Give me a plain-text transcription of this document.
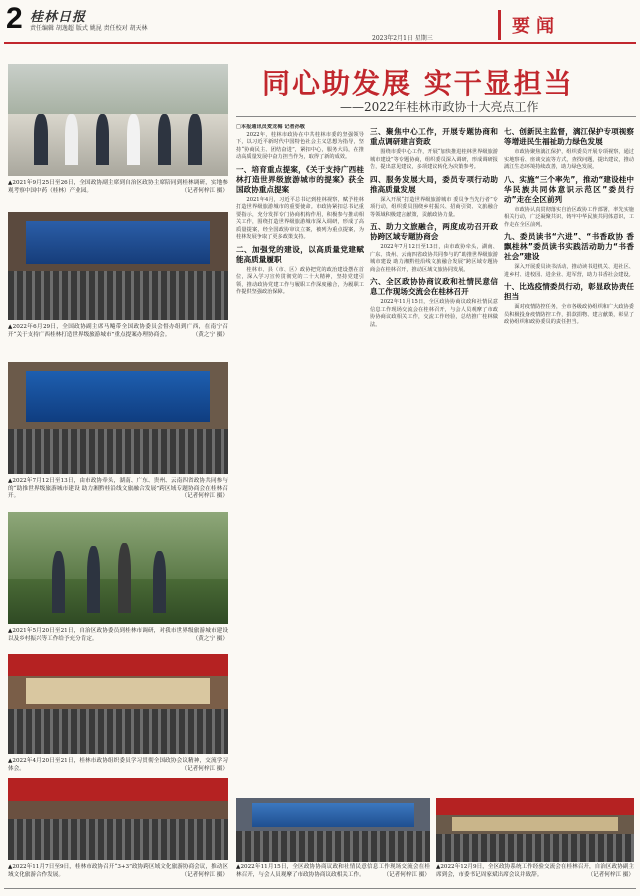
2 桂林日报
责任编辑 胡逸超 版式 姚昆 责任校对 胡天林
2023年2月1日 星期三
要闻
▲2021年9月25日至26日，全国政协副主席到自治区政协主席陪同到桂林调研，实地参观考察中国中药（桂林）产业园。	（记者何梓江 摄）
▲2022年6月29日，全国政协副主席马飚带全国政协委员会督办组到广西，在南宁召开“关于支持广西桂林打造世界级旅游城市”重点提案办理协商会。	（黄之宁 摄）
▲2022年7月12日至13日，由市政协牵头，湖南、广东、贵州、云南四省政协共同参与的“助推世界级旅游城市建设 助力湘黔桂沿线文旅融合发展”跨区域专题协商会在桂林召开。	（记者何梓江 摄）
▲2021年5月20日至21日，自治区政协委员到桂林市调研，对我市世界级旅游城市建设以及乡村振兴等工作给予充分肯定。	（黄之宁 摄）
▲2022年4月20日至21日，桂林市政协组织委员学习贯彻全国政协会议精神，交流学习体会。	（记者何梓江 摄）
▲2022年11月7日至9日，桂林市政协召开“3+3”政协跨区域文化旅游协商会议，推动区域文化旅游合作发展。	（记者何梓江 摄）
同心助发展 实干显担当
——2022年桂林市政协十大亮点工作

□本报通讯员麦龙梅 记者孙敬

2022年，桂林市政协在中共桂林市委的坚强领导下，以习近平新时代中国特色社会主义思想为指导，坚持“协商民主、团结奋进”，紧扣中心，服务大局，在推动高质量发展中奋力担当作为，取得了新的成效。

一、培育重点提案，《关于支持广西桂林打造世界级旅游城市的提案》获全国政协重点提案

2021年4月，习近平总书记到桂林视察，赋予桂林打造世界级旅游城市的重要使命。市政协紧扣总书记重要指示，充分发挥专门协商机构作用，积极参与推动相关工作，围绕打造世界级旅游城市深入调研，形成了高质量提案，经全国政协审议立案，被列为重点提案，为桂林发展争取了更多政策支持。

二、加强党的建设，以高质量党建赋能高质量履职

桂林市、县（市、区）政协把党的政治建设摆在首位，深入学习宣传贯彻党的二十大精神，坚持党建引领，推动政协党建工作与履职工作深度融合，为履职工作提供坚强政治保障。

三、聚焦中心工作，开展专题协商和重点调研建言资政

围绕市委中心工作，开展“加快推进桂林世界级旅游城市建设”等专题协商，组织委员深入调研，形成调研报告，提出意见建议，多项建议转化为决策参考。

四、服务发展大局，委员专项行动助推高质量发展

深入开展“打造世界级旅游城市 委员争当先行者”专项行动，组织委员围绕乡村振兴、招商引资、文旅融合等领域积极建言献策，贡献政协力量。

五、助力文旅融合，两度成功召开政协跨区域专题协商会

2022年7月12日至13日，由市政协牵头，湖南、广东、贵州、云南四省政协共同参与的“助推世界级旅游城市建设 助力湘黔桂沿线文旅融合发展”跨区域专题协商会在桂林召开，推动区域文旅协同发展。

六、全区政协协商议政和社情民意信息工作现场交流会在桂林召开

2022年11月15日，全区政协协商议政和社情民意信息工作现场交流会在桂林召开，与会人员观摩了市政协协商议政相关工作，交流工作经验，总结推广桂林做法。

七、创新民主监督，漓江保护专项视察等增进民生福祉助力绿色发展

市政协聚焦漓江保护，组织委员开展专项视察，通过实地察看、座谈交流等方式，查找问题，提出建议，推动漓江生态环境持续改善，助力绿色发展。

八、实施“三个率先”，推动“建设桂中华民族共同体意识示范区”委员行动”走在全区前列

市政协认真贯彻落实自治区政协工作部署，率先实施相关行动，广泛凝聚共识，铸牢中华民族共同体意识，工作走在全区前列。

九、委员读书“六进”、“书香政协 香飘桂林”委员读书实践活动助力“书香社会”建设

深入开展委员读书活动，推动读书进机关、进社区、进乡村、进校园、进企业、进军营，助力书香社会建设。

十、比选疫情委员行动，彰显政协责任担当

面对疫情防控任务，全市各级政协组织和广大政协委员积极投身疫情防控工作，捐款捐物、建言献策，彰显了政协组织和政协委员的责任担当。

▲2022年11月15日，全区政协协商议政和社情民意信息工作现场交流会在桂林召开，与会人员观摩了市政协协商议政相关工作。	（记者何梓江 摄）
▲2022年12月9日，全区政协系统工作经验交流会在桂林召开，自治区政协副主席到会，市委书记周家斌出席会议并致辞。	（记者何梓江 摄）
